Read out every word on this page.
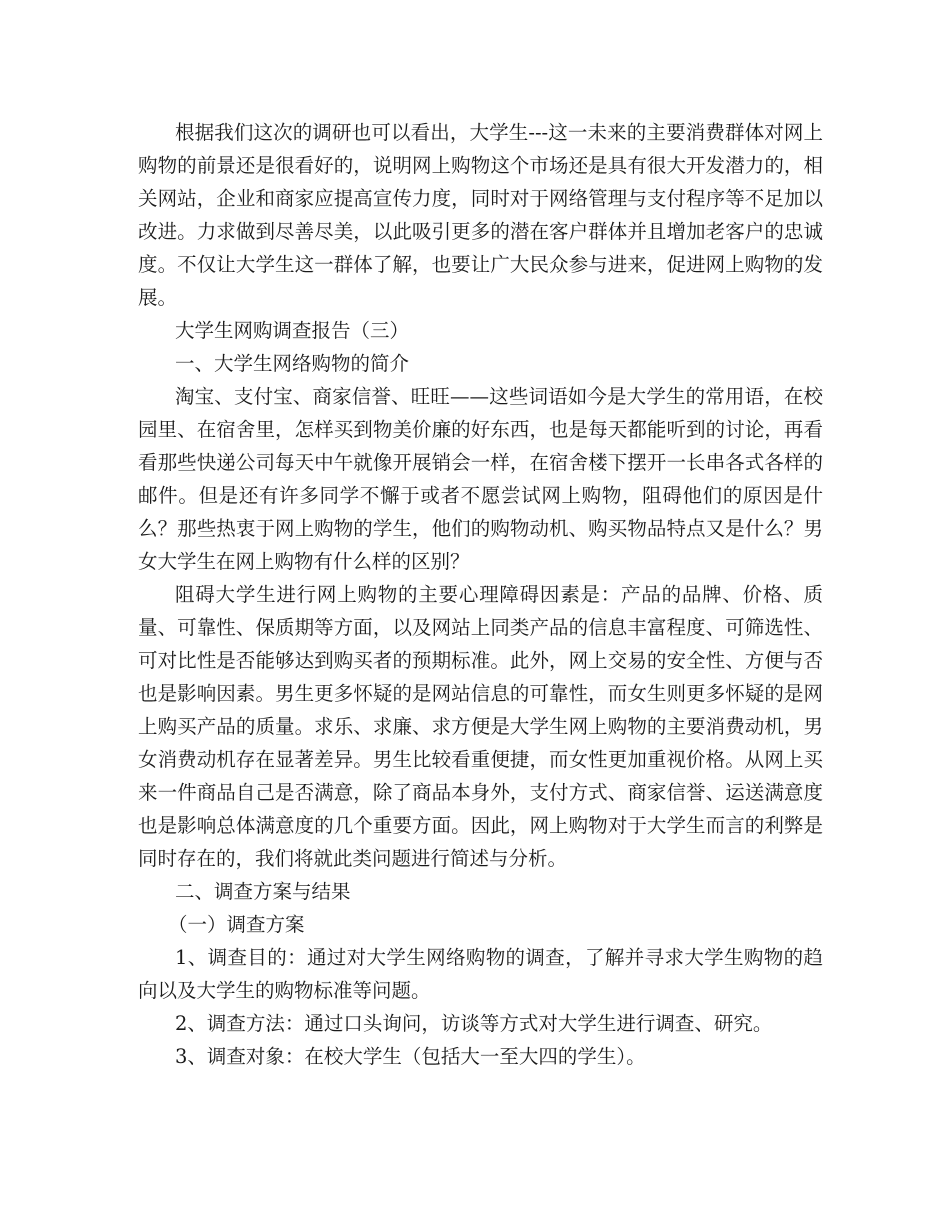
根据我们这次的调研也可以看出，大学生---这一未来的主要消费群体对网上购物的前景还是很看好的，说明网上购物这个市场还是具有很大开发潜力的，相关网站，企业和商家应提高宣传力度，同时对于网络管理与支付程序等不足加以改进。力求做到尽善尽美，以此吸引更多的潜在客户群体并且增加老客户的忠诚度。不仅让大学生这一群体了解，也要让广大民众参与进来，促进网上购物的发展。

大学生网购调查报告（三）

一、大学生网络购物的简介

淘宝、支付宝、商家信誉、旺旺——这些词语如今是大学生的常用语，在校园里、在宿舍里，怎样买到物美价廉的好东西，也是每天都能听到的讨论，再看看那些快递公司每天中午就像开展销会一样，在宿舍楼下摆开一长串各式各样的邮件。但是还有许多同学不懈于或者不愿尝试网上购物，阻碍他们的原因是什么？那些热衷于网上购物的学生，他们的购物动机、购买物品特点又是什么？男女大学生在网上购物有什么样的区别？

阻碍大学生进行网上购物的主要心理障碍因素是：产品的品牌、价格、质量、可靠性、保质期等方面，以及网站上同类产品的信息丰富程度、可筛选性、可对比性是否能够达到购买者的预期标准。此外，网上交易的安全性、方便与否也是影响因素。男生更多怀疑的是网站信息的可靠性，而女生则更多怀疑的是网上购买产品的质量。求乐、求廉、求方便是大学生网上购物的主要消费动机，男女消费动机存在显著差异。男生比较看重便捷，而女性更加重视价格。从网上买来一件商品自己是否满意，除了商品本身外，支付方式、商家信誉、运送满意度也是影响总体满意度的几个重要方面。因此，网上购物对于大学生而言的利弊是同时存在的，我们将就此类问题进行简述与分析。

二、调查方案与结果

（一）调查方案

1、调查目的：通过对大学生网络购物的调查，了解并寻求大学生购物的趋向以及大学生的购物标准等问题。

2、调查方法：通过口头询问，访谈等方式对大学生进行调查、研究。

3、调查对象：在校大学生（包括大一至大四的学生）。
